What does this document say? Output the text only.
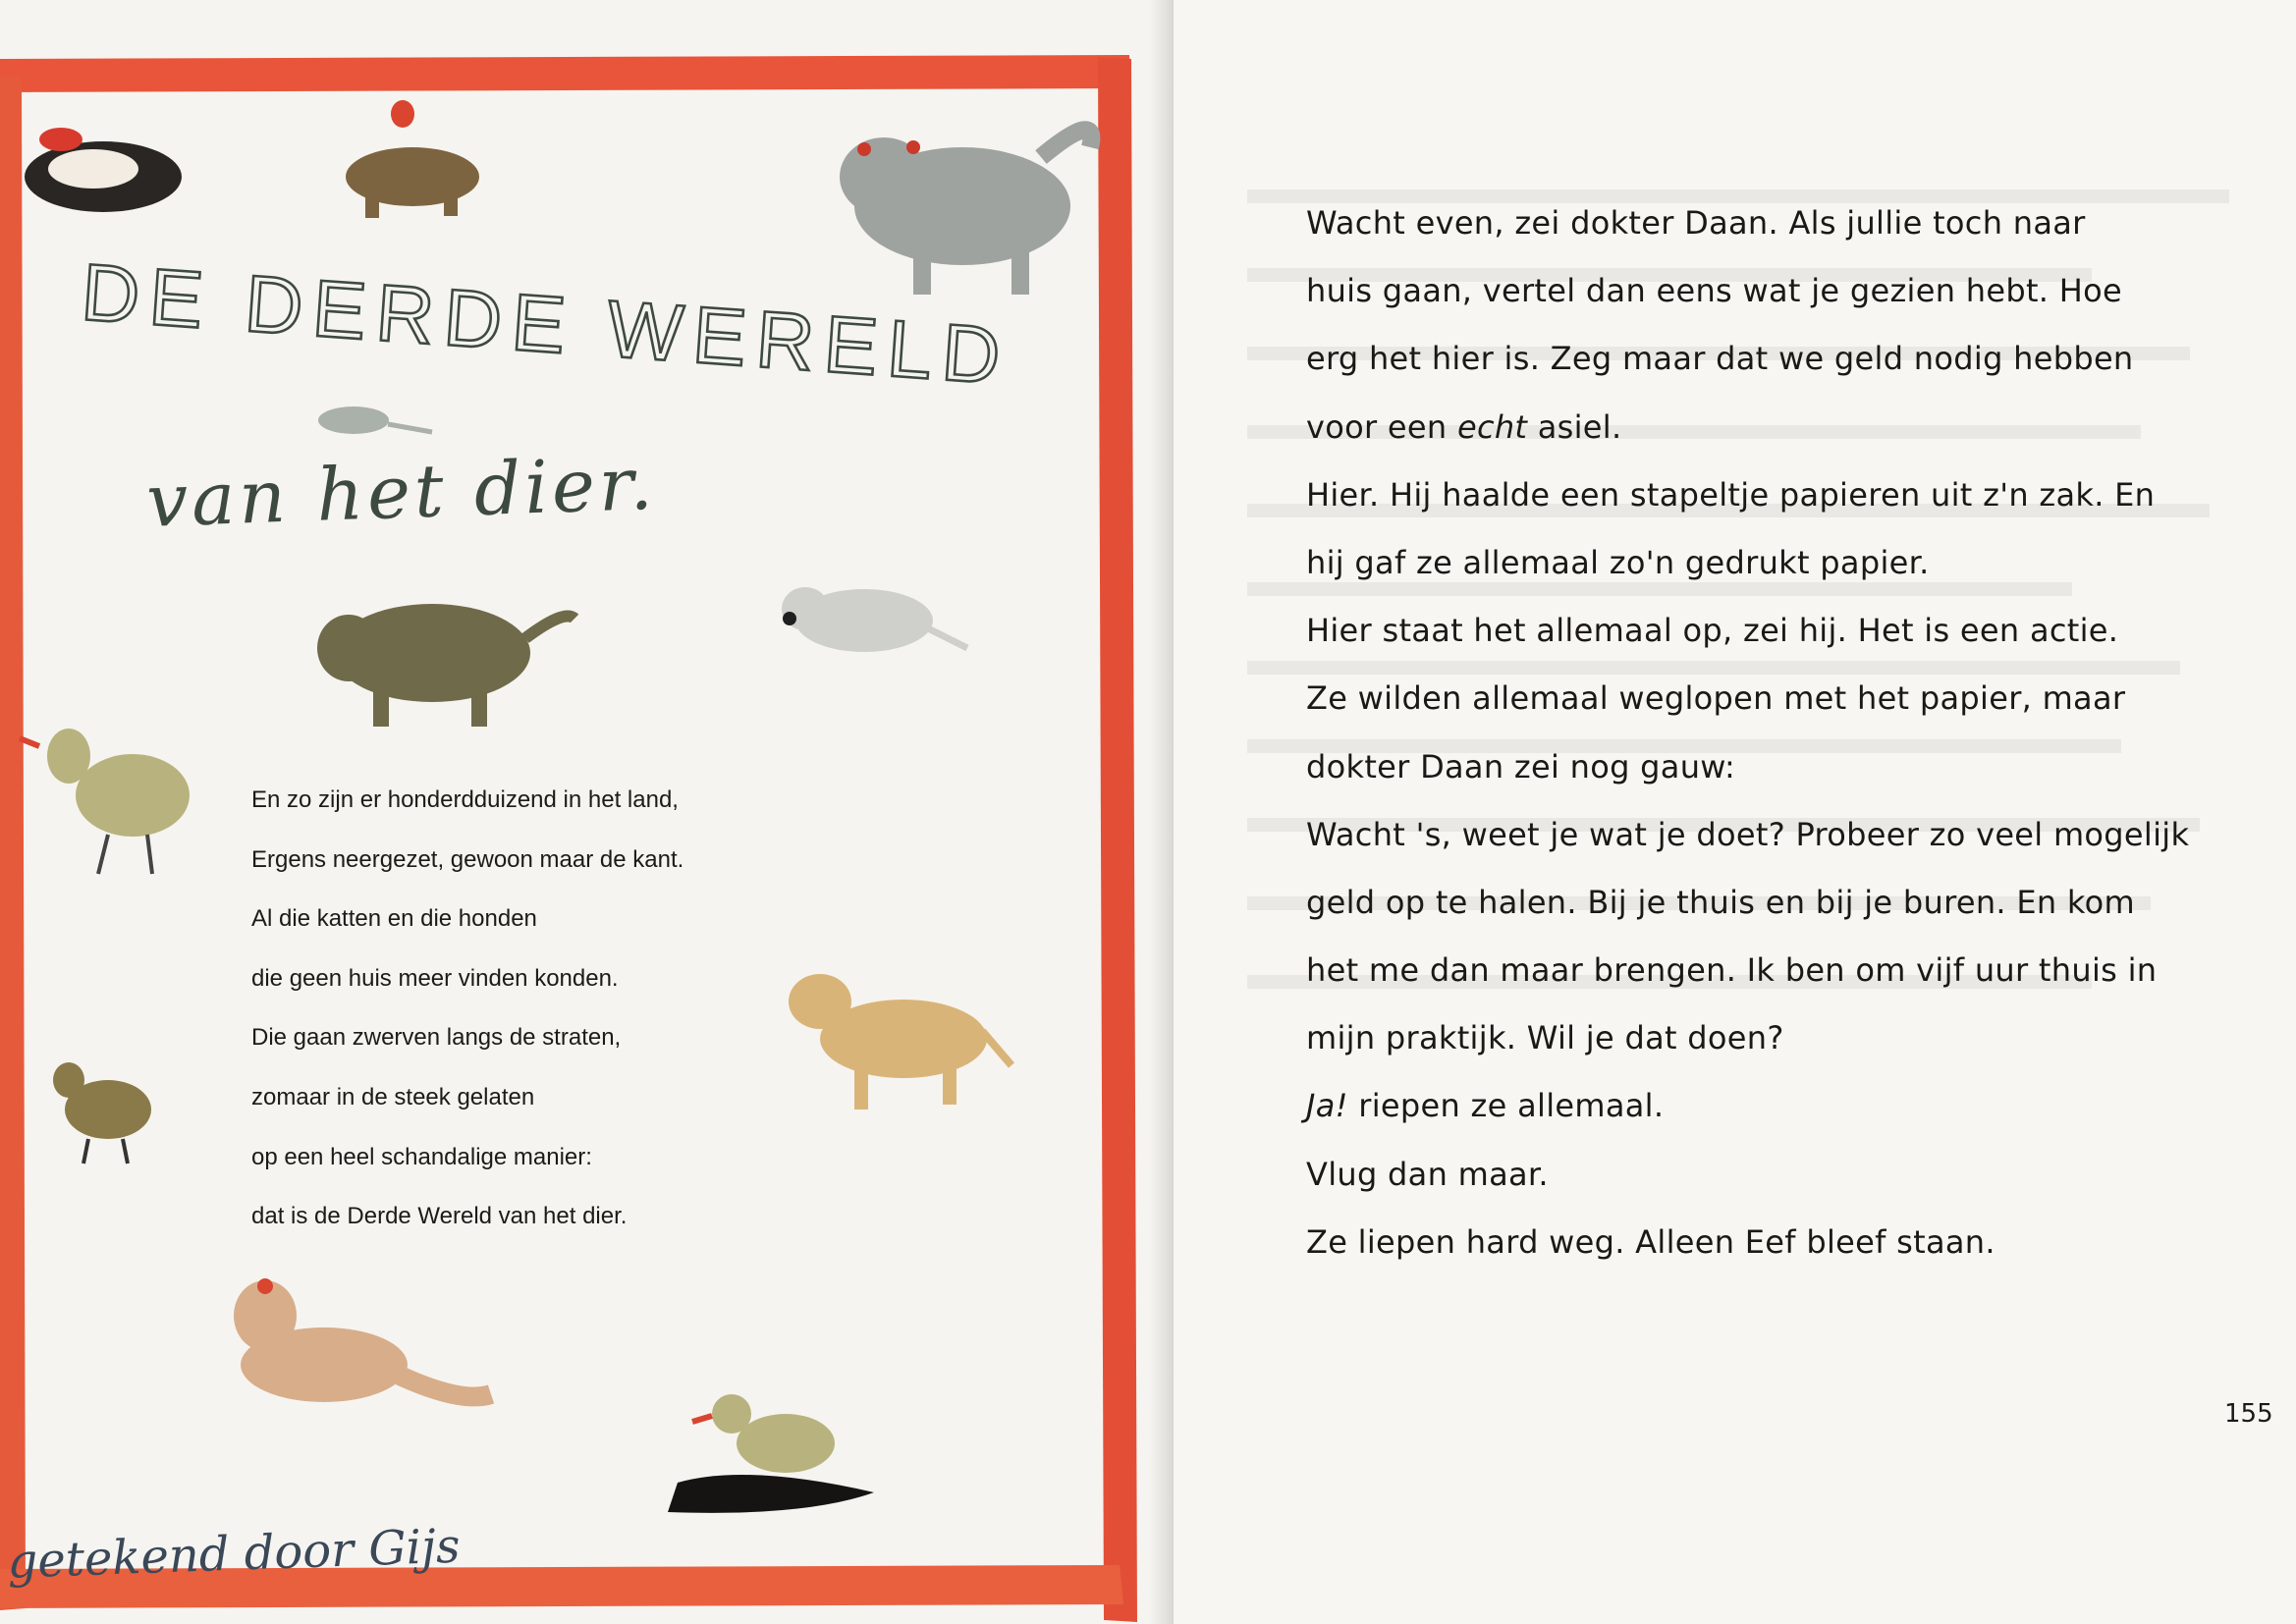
DE DERDE WERELD
van het dier.
En zo zijn er honderdduizend in het land,
Ergens neergezet, gewoon maar de kant.
Al die katten en die honden
die geen huis meer vinden konden.
Die gaan zwerven langs de straten,
zomaar in de steek gelaten
op een heel schandalige manier:
dat is de Derde Wereld van het dier.
getekend door Gijs
Wacht even, zei dokter Daan. Als jullie toch naar
huis gaan, vertel dan eens wat je gezien hebt. Hoe
erg het hier is. Zeg maar dat we geld nodig hebben
voor een echt asiel.
Hier. Hij haalde een stapeltje papieren uit z'n zak. En
hij gaf ze allemaal zo'n gedrukt papier.
Hier staat het allemaal op, zei hij. Het is een actie.
Ze wilden allemaal weglopen met het papier, maar
dokter Daan zei nog gauw:
Wacht 's, weet je wat je doet? Probeer zo veel mogelijk
geld op te halen. Bij je thuis en bij je buren. En kom
het me dan maar brengen. Ik ben om vijf uur thuis in
mijn praktijk. Wil je dat doen?
Ja! riepen ze allemaal.
Vlug dan maar.
Ze liepen hard weg. Alleen Eef bleef staan.
155
